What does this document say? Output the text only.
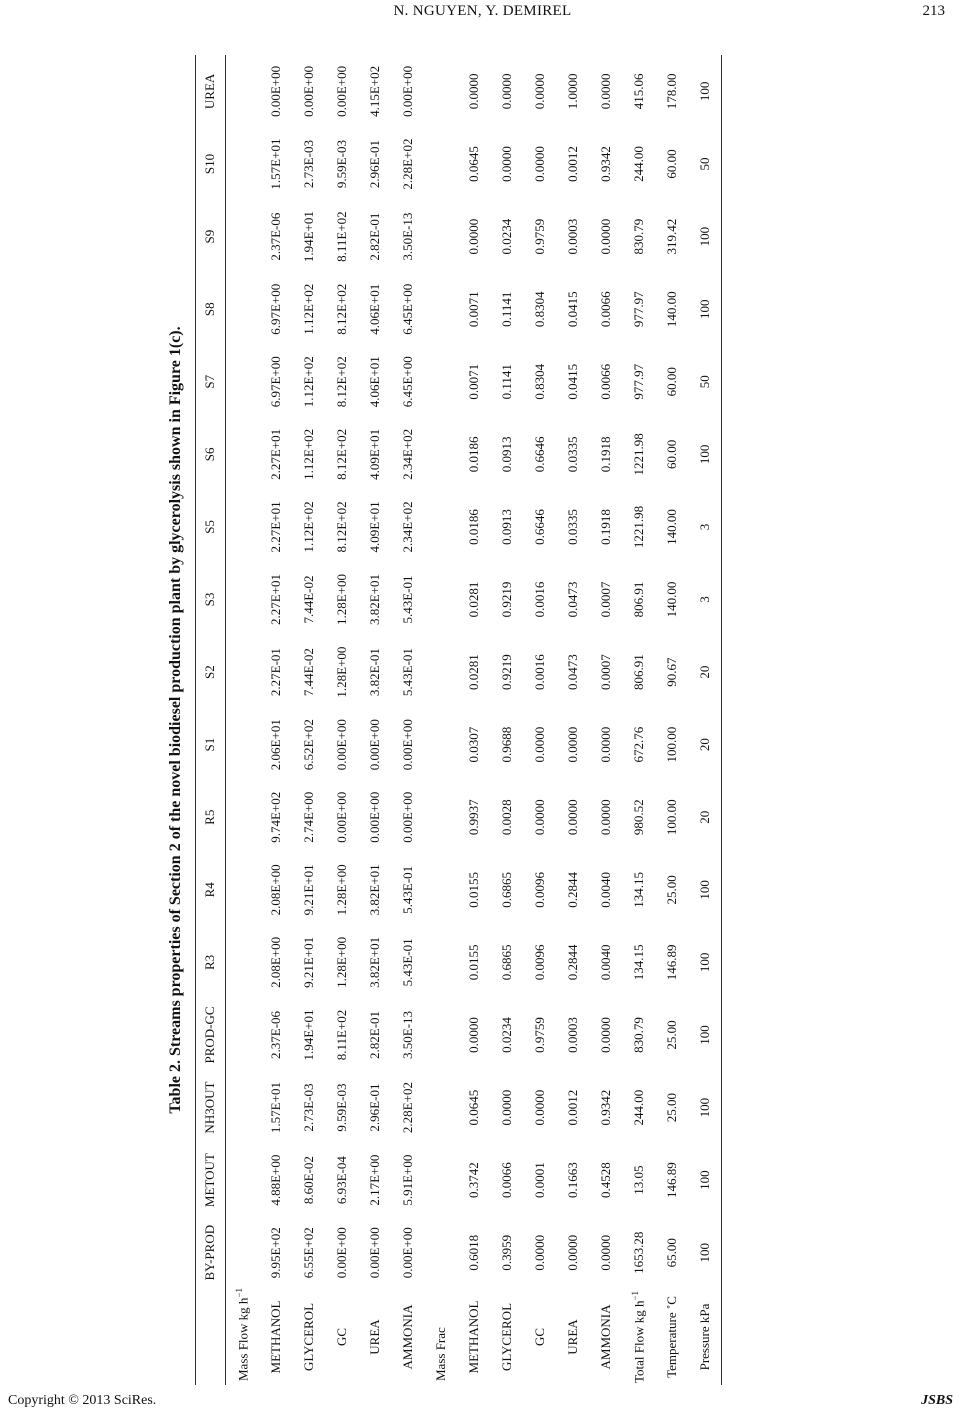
N. NGUYEN, Y. DEMIREL	213
Table 2. Streams properties of Section 2 of the novel biodiesel production plant by glycerolysis shown in Figure 1(c).
	BY-PROD	METOUT	NH3OUT	PROD-GC	R3	R4	R5	S1	S2	S3	S5	S6	S7	S8	S9	S10	UREA
Mass Flow kg $h^{-1}$																	
METHANOL	9.95E+02	4.88E+00	1.57E+01	2.37E-06	2.08E+00	2.08E+00	9.74E+02	2.06E+01	2.27E-01	2.27E+01	2.27E+01	2.27E+01	6.97E+00	6.97E+00	2.37E-06	1.57E+01	0.00E+00
GLYCEROL	6.55E+02	8.60E-02	2.73E-03	1.94E+01	9.21E+01	9.21E+01	2.74E+00	6.52E+02	7.44E-02	7.44E-02	1.12E+02	1.12E+02	1.12E+02	1.12E+02	1.94E+01	2.73E-03	0.00E+00
GC	0.00E+00	6.93E-04	9.59E-03	8.11E+02	1.28E+00	1.28E+00	0.00E+00	0.00E+00	1.28E+00	1.28E+00	8.12E+02	8.12E+02	8.12E+02	8.12E+02	8.11E+02	9.59E-03	0.00E+00
UREA	0.00E+00	2.17E+00	2.96E-01	2.82E-01	3.82E+01	3.82E+01	0.00E+00	0.00E+00	3.82E-01	3.82E+01	4.09E+01	4.09E+01	4.06E+01	4.06E+01	2.82E-01	2.96E-01	4.15E+02
AMMONIA	0.00E+00	5.91E+00	2.28E+02	3.50E-13	5.43E-01	5.43E-01	0.00E+00	0.00E+00	5.43E-01	5.43E-01	2.34E+02	2.34E+02	6.45E+00	6.45E+00	3.50E-13	2.28E+02	0.00E+00
Mass Frac																	
METHANOL	0.6018	0.3742	0.0645	0.0000	0.0155	0.0155	0.9937	0.0307	0.0281	0.0281	0.0186	0.0186	0.0071	0.0071	0.0000	0.0645	0.0000
GLYCEROL	0.3959	0.0066	0.0000	0.0234	0.6865	0.6865	0.0028	0.9688	0.9219	0.9219	0.0913	0.0913	0.1141	0.1141	0.0234	0.0000	0.0000
GC	0.0000	0.0001	0.0000	0.9759	0.0096	0.0096	0.0000	0.0000	0.0016	0.0016	0.6646	0.6646	0.8304	0.8304	0.9759	0.0000	0.0000
UREA	0.0000	0.1663	0.0012	0.0003	0.2844	0.2844	0.0000	0.0000	0.0473	0.0473	0.0335	0.0335	0.0415	0.0415	0.0003	0.0012	1.0000
AMMONIA	0.0000	0.4528	0.9342	0.0000	0.0040	0.0040	0.0000	0.0000	0.0007	0.0007	0.1918	0.1918	0.0066	0.0066	0.0000	0.9342	0.0000
Total Flow kg $h^{-1}$	1653.28	13.05	244.00	830.79	134.15	134.15	980.52	672.76	806.91	806.91	1221.98	1221.98	977.97	977.97	830.79	244.00	415.06
Temperature ˚C	65.00	146.89	25.00	25.00	146.89	25.00	100.00	100.00	90.67	140.00	140.00	60.00	60.00	140.00	319.42	60.00	178.00
Pressure kPa	100	100	100	100	100	100	20	20	20	3	3	100	50	100	100	50	100
Copyright © 2013 SciRes.	JSBS
